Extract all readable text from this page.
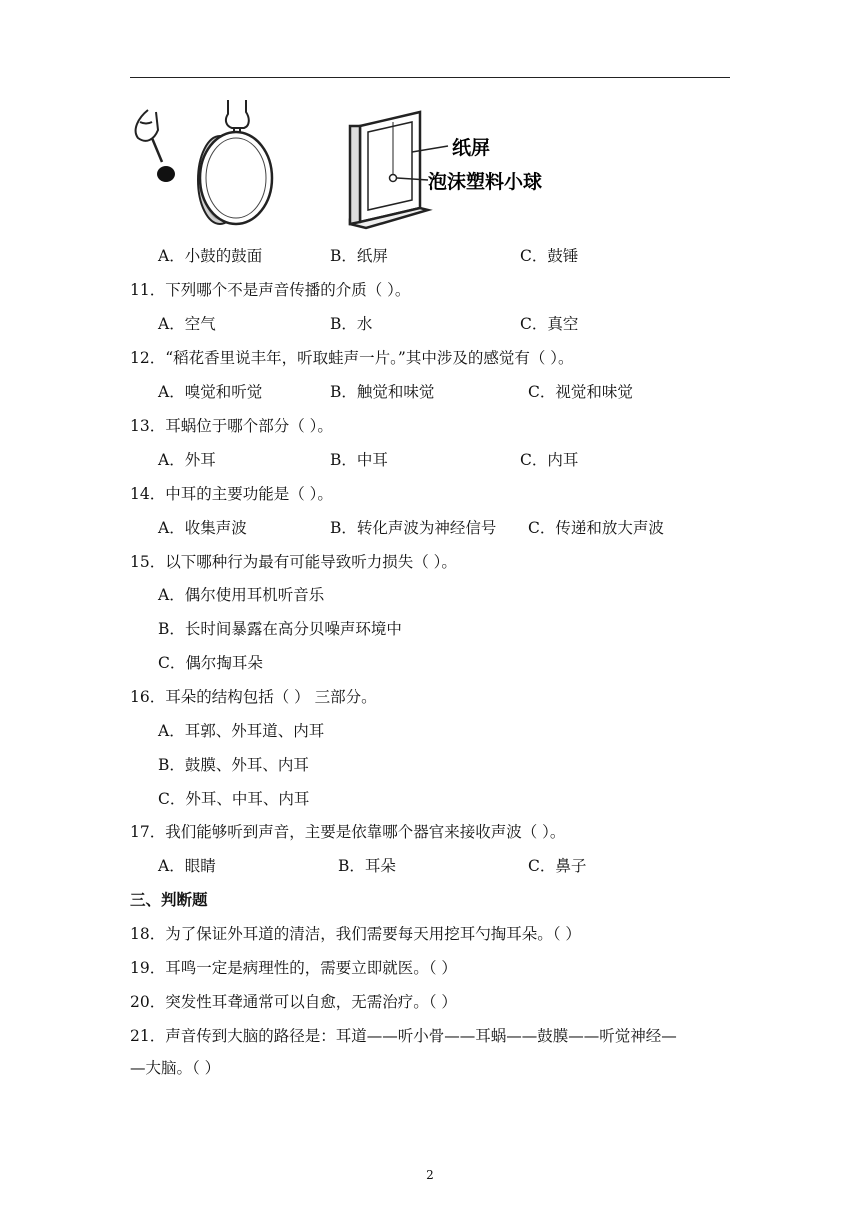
纸屏
泡沫塑料小球
A．小鼓的鼓面	B．纸屏	C．鼓锤
11．下列哪个不是声音传播的介质（ ）。
A．空气	B．水	C．真空
12．“稻花香里说丰年，听取蛙声一片。”其中涉及的感觉有（ ）。
A．嗅觉和听觉	B．触觉和味觉	C．视觉和味觉
13．耳蜗位于哪个部分（ ）。
A．外耳	B．中耳	C．内耳
14．中耳的主要功能是（ ）。
A．收集声波	B．转化声波为神经信号 C．传递和放大声波
15．以下哪种行为最有可能导致听力损失（ ）。
A．偶尔使用耳机听音乐
B．长时间暴露在高分贝噪声环境中
C．偶尔掏耳朵
16．耳朵的结构包括（ ） 三部分。
A．耳郭、外耳道、内耳
B．鼓膜、外耳、内耳
C．外耳、中耳、内耳
17．我们能够听到声音，主要是依靠哪个器官来接收声波（ ）。
A．眼睛	B．耳朵	C．鼻子
三、判断题
18．为了保证外耳道的清洁，我们需要每天用挖耳勺掏耳朵。（ ）
19．耳鸣一定是病理性的，需要立即就医。（ ）
20．突发性耳聋通常可以自愈，无需治疗。（ ）
21．声音传到大脑的路径是：耳道——听小骨——耳蜗——鼓膜——听觉神经—
—大脑。（ ）
2
